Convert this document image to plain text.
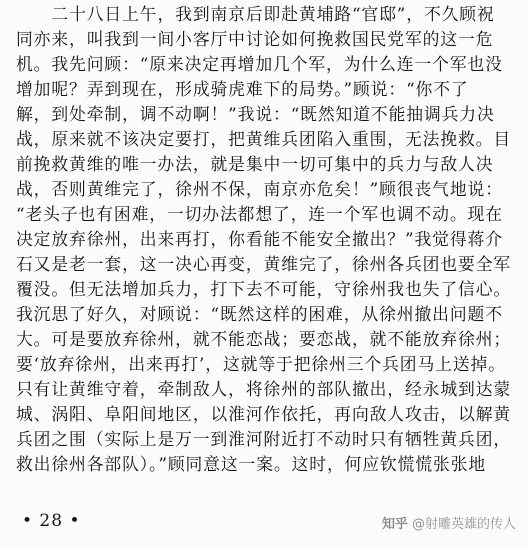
　　二十八日上午，我到南京后即赴黄埔路“官邸”，不久顾祝
同亦来，叫我到一间小客厅中讨论如何挽救国民党军的这一危
机。我先问顾：“原来决定再增加几个军，为什么连一个军也没
增加呢？弄到现在，形成骑虎难下的局势。”顾说：“你不了
解，到处牵制，调不动啊！”我说：“既然知道不能抽调兵力决
战，原来就不该决定要打，把黄维兵团陷入重围，无法挽救。目
前挽救黄维的唯一办法，就是集中一切可集中的兵力与敌人决
战，否则黄维完了，徐州不保，南京亦危矣！”顾很丧气地说：
“老头子也有困难，一切办法都想了，连一个军也调不动。现在
决定放弃徐州，出来再打，你看能不能安全撤出？”我觉得蒋介
石又是老一套，这一决心再变，黄维完了，徐州各兵团也要全军
覆没。但无法增加兵力，打下去不可能，守徐州我也失了信心。
我沉思了好久，对顾说：“既然这样的困难，从徐州撤出问题不
大。可是要放弃徐州，就不能恋战；要恋战，就不能放弃徐州；
要‘放弃徐州，出来再打’，这就等于把徐州三个兵团马上送掉。
只有让黄维守着，牵制敌人，将徐州的部队撤出，经永城到达蒙
城、涡阳、阜阳间地区，以淮河作依托，再向敌人攻击，以解黄
兵团之围（实际上是万一到淮河附近打不动时只有牺牲黄兵团，
救出徐州各部队）。”顾同意这一案。这时，何应钦慌慌张张地
• 28 •	知乎 @射雕英雄的传人
